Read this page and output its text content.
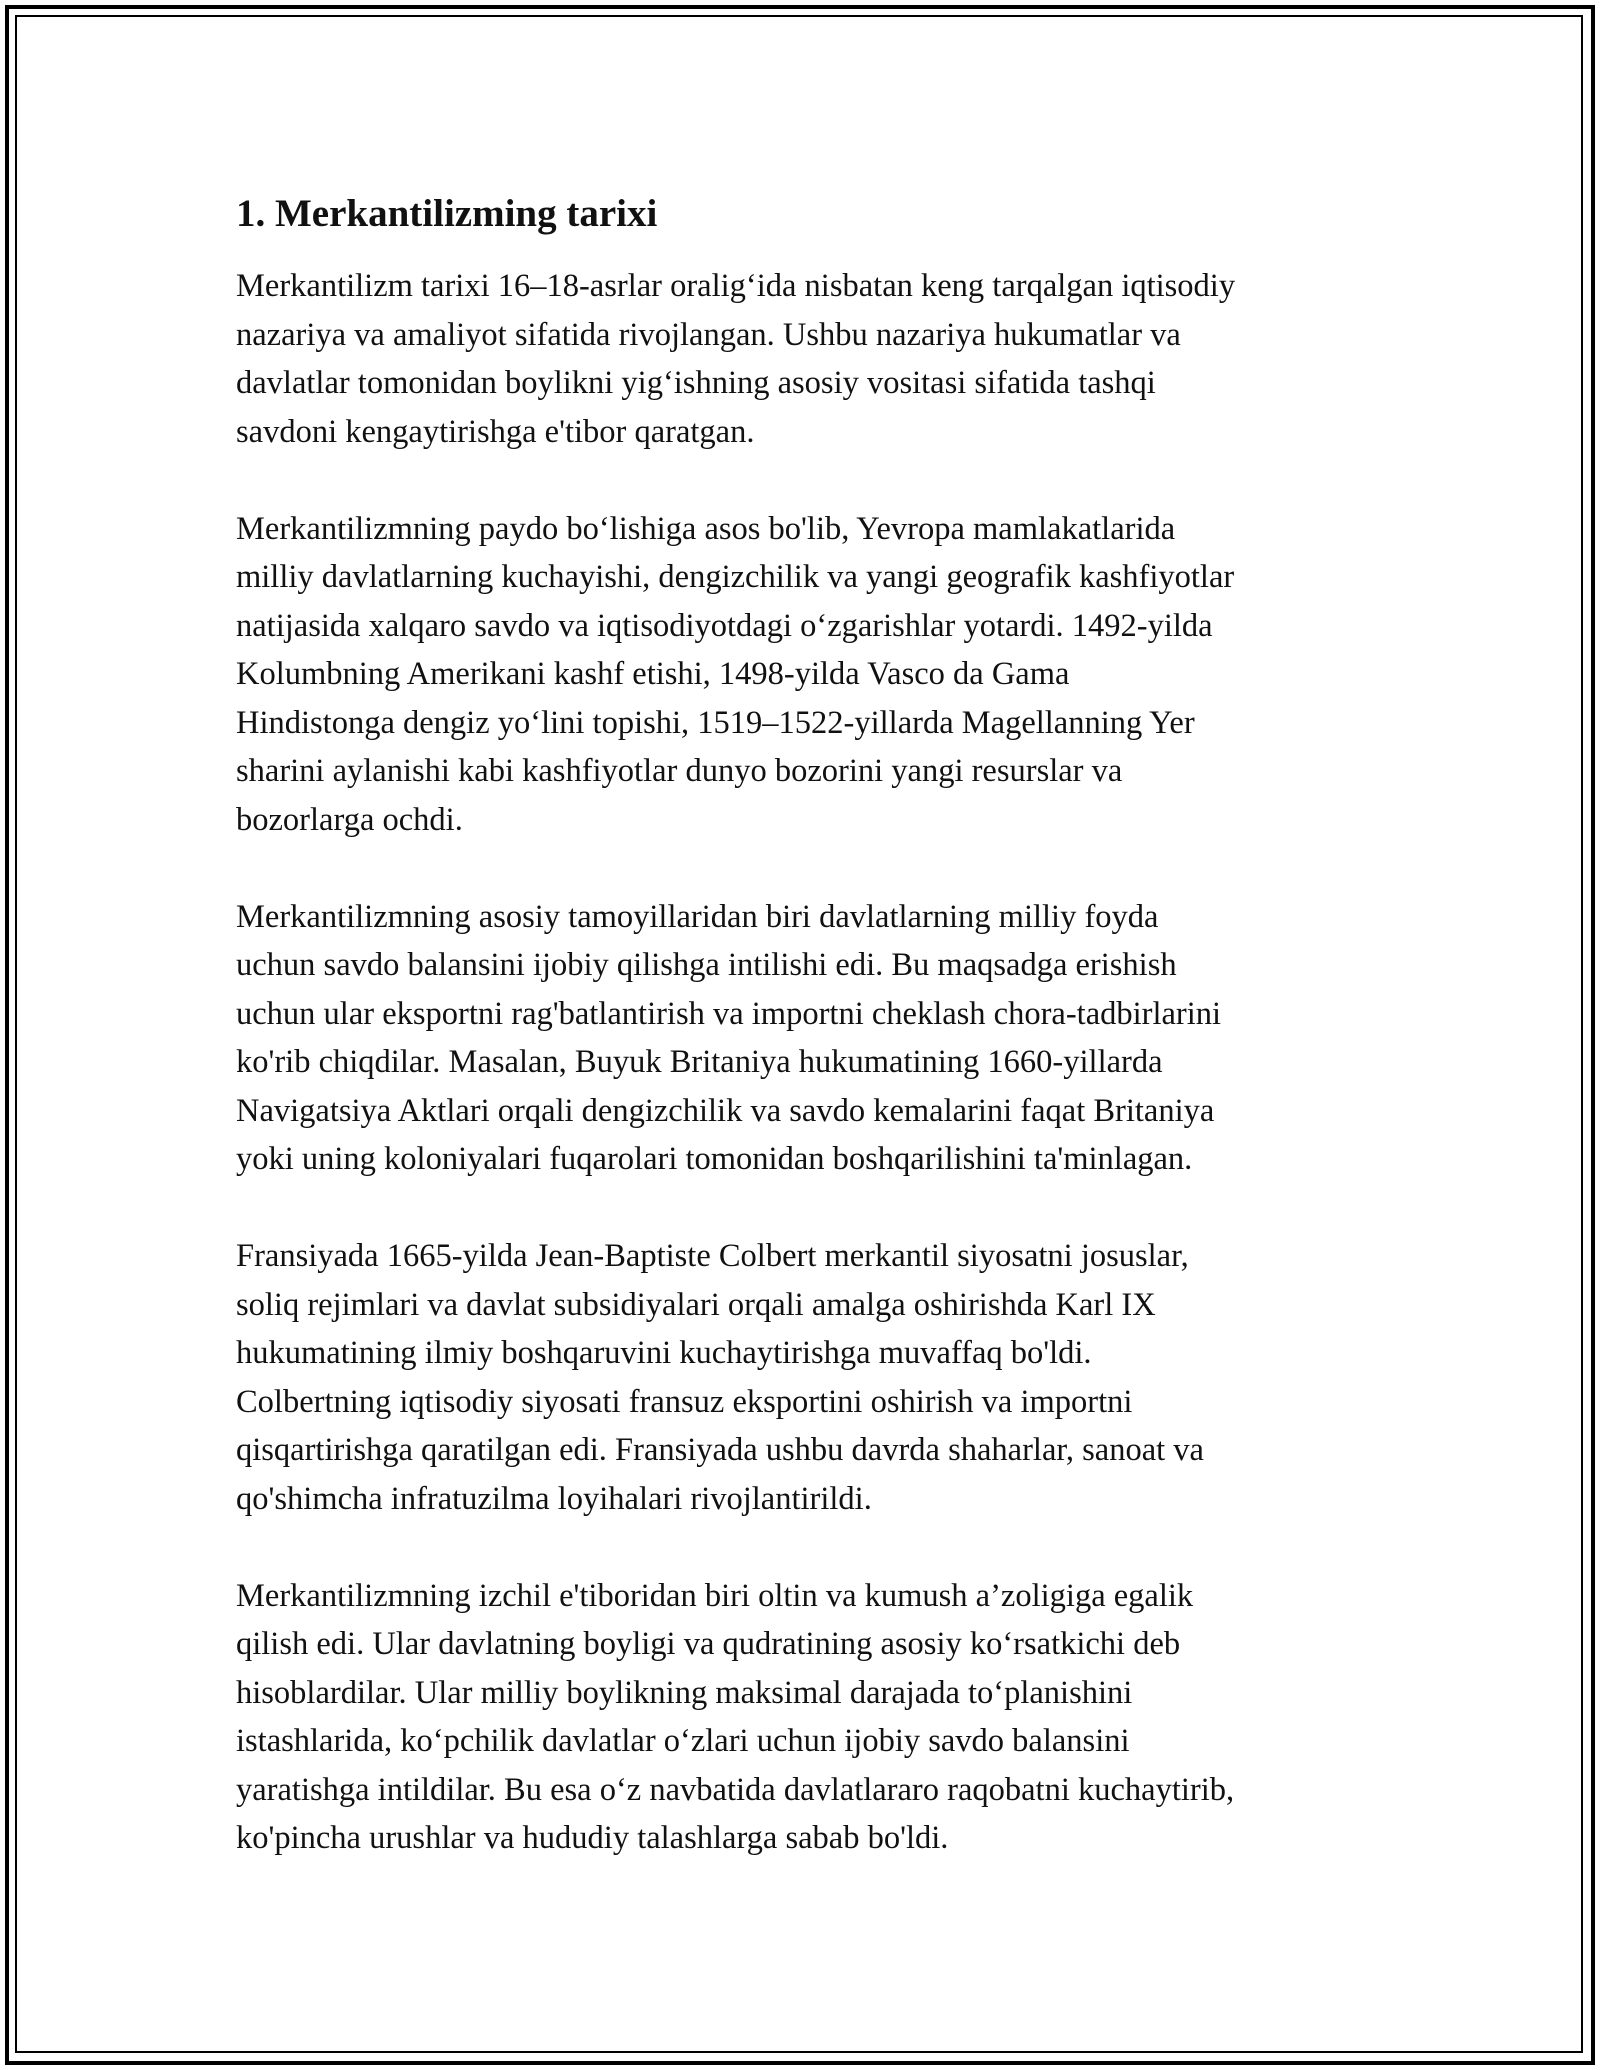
1. Merkantilizming tarixi

Merkantilizm tarixi 16–18-asrlar oralig‘ida nisbatan keng tarqalgan iqtisodiy
nazariya va amaliyot sifatida rivojlangan. Ushbu nazariya hukumatlar va
davlatlar tomonidan boylikni yig‘ishning asosiy vositasi sifatida tashqi
savdoni kengaytirishga e'tibor qaratgan.

Merkantilizmning paydo bo‘lishiga asos bo'lib, Yevropa mamlakatlarida
milliy davlatlarning kuchayishi, dengizchilik va yangi geografik kashfiyotlar
natijasida xalqaro savdo va iqtisodiyotdagi o‘zgarishlar yotardi. 1492-yilda
Kolumbning Amerikani kashf etishi, 1498-yilda Vasco da Gama
Hindistonga dengiz yo‘lini topishi, 1519–1522-yillarda Magellanning Yer
sharini aylanishi kabi kashfiyotlar dunyo bozorini yangi resurslar va
bozorlarga ochdi.

Merkantilizmning asosiy tamoyillaridan biri davlatlarning milliy foyda
uchun savdo balansini ijobiy qilishga intilishi edi. Bu maqsadga erishish
uchun ular eksportni rag'batlantirish va importni cheklash chora-tadbirlarini
ko'rib chiqdilar. Masalan, Buyuk Britaniya hukumatining 1660-yillarda
Navigatsiya Aktlari orqali dengizchilik va savdo kemalarini faqat Britaniya
yoki uning koloniyalari fuqarolari tomonidan boshqarilishini ta'minlagan.

Fransiyada 1665-yilda Jean-Baptiste Colbert merkantil siyosatni josuslar,
soliq rejimlari va davlat subsidiyalari orqali amalga oshirishda Karl IX
hukumatining ilmiy boshqaruvini kuchaytirishga muvaffaq bo'ldi.
Colbertning iqtisodiy siyosati fransuz eksportini oshirish va importni
qisqartirishga qaratilgan edi. Fransiyada ushbu davrda shaharlar, sanoat va
qo'shimcha infratuzilma loyihalari rivojlantirildi.

Merkantilizmning izchil e'tiboridan biri oltin va kumush a’zoligiga egalik
qilish edi. Ular davlatning boyligi va qudratining asosiy ko‘rsatkichi deb
hisoblardilar. Ular milliy boylikning maksimal darajada to‘planishini
istashlarida, ko‘pchilik davlatlar o‘zlari uchun ijobiy savdo balansini
yaratishga intildilar. Bu esa o‘z navbatida davlatlararo raqobatni kuchaytirib,
ko'pincha urushlar va hududiy talashlarga sabab bo'ldi.
